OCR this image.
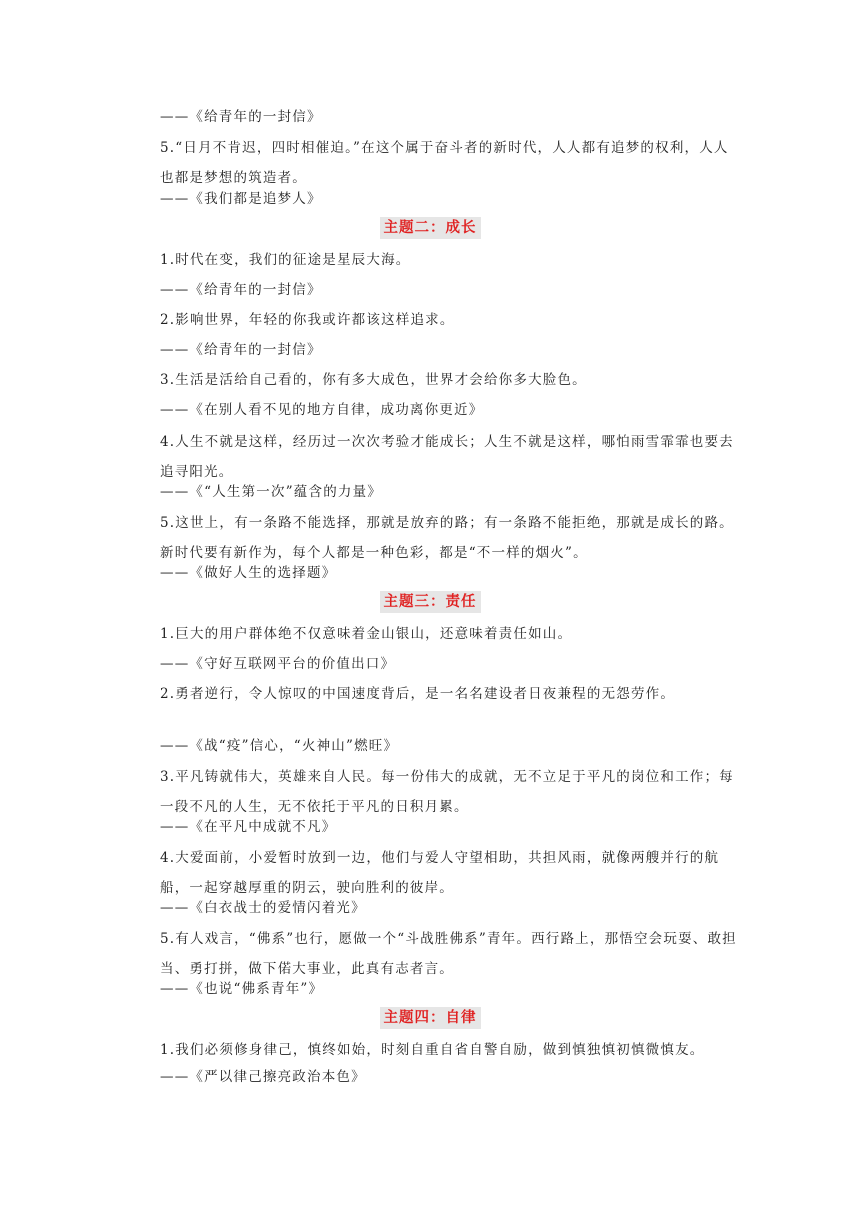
——《给青年的一封信》
5.“日月不肯迟，四时相催迫。”在这个属于奋斗者的新时代，人人都有追梦的权利，人人也都是梦想的筑造者。
——《我们都是追梦人》
主题二：成长
1.时代在变，我们的征途是星辰大海。
——《给青年的一封信》
2.影响世界，年轻的你我或许都该这样追求。
——《给青年的一封信》
3.生活是活给自己看的，你有多大成色，世界才会给你多大脸色。
——《在别人看不见的地方自律，成功离你更近》
4.人生不就是这样，经历过一次次考验才能成长；人生不就是这样，哪怕雨雪霏霏也要去追寻阳光。
——《“人生第一次”蕴含的力量》
5.这世上，有一条路不能选择，那就是放弃的路；有一条路不能拒绝，那就是成长的路。新时代要有新作为，每个人都是一种色彩，都是“不一样的烟火”。
——《做好人生的选择题》
主题三：责任
1.巨大的用户群体绝不仅意味着金山银山，还意味着责任如山。
——《守好互联网平台的价值出口》
2.勇者逆行，令人惊叹的中国速度背后，是一名名建设者日夜兼程的无怨劳作。
——《战“疫”信心，“火神山”燃旺》
3.平凡铸就伟大，英雄来自人民。每一份伟大的成就，无不立足于平凡的岗位和工作；每一段不凡的人生，无不依托于平凡的日积月累。
——《在平凡中成就不凡》
4.大爱面前，小爱暂时放到一边，他们与爱人守望相助，共担风雨，就像两艘并行的航船，一起穿越厚重的阴云，驶向胜利的彼岸。
——《白衣战士的爱情闪着光》
5.有人戏言，“佛系”也行，愿做一个“斗战胜佛系”青年。西行路上，那悟空会玩耍、敢担当、勇打拼，做下偌大事业，此真有志者言。
——《也说“佛系青年”》
主题四：自律
1.我们必须修身律己，慎终如始，时刻自重自省自警自励，做到慎独慎初慎微慎友。
——《严以律己擦亮政治本色》
